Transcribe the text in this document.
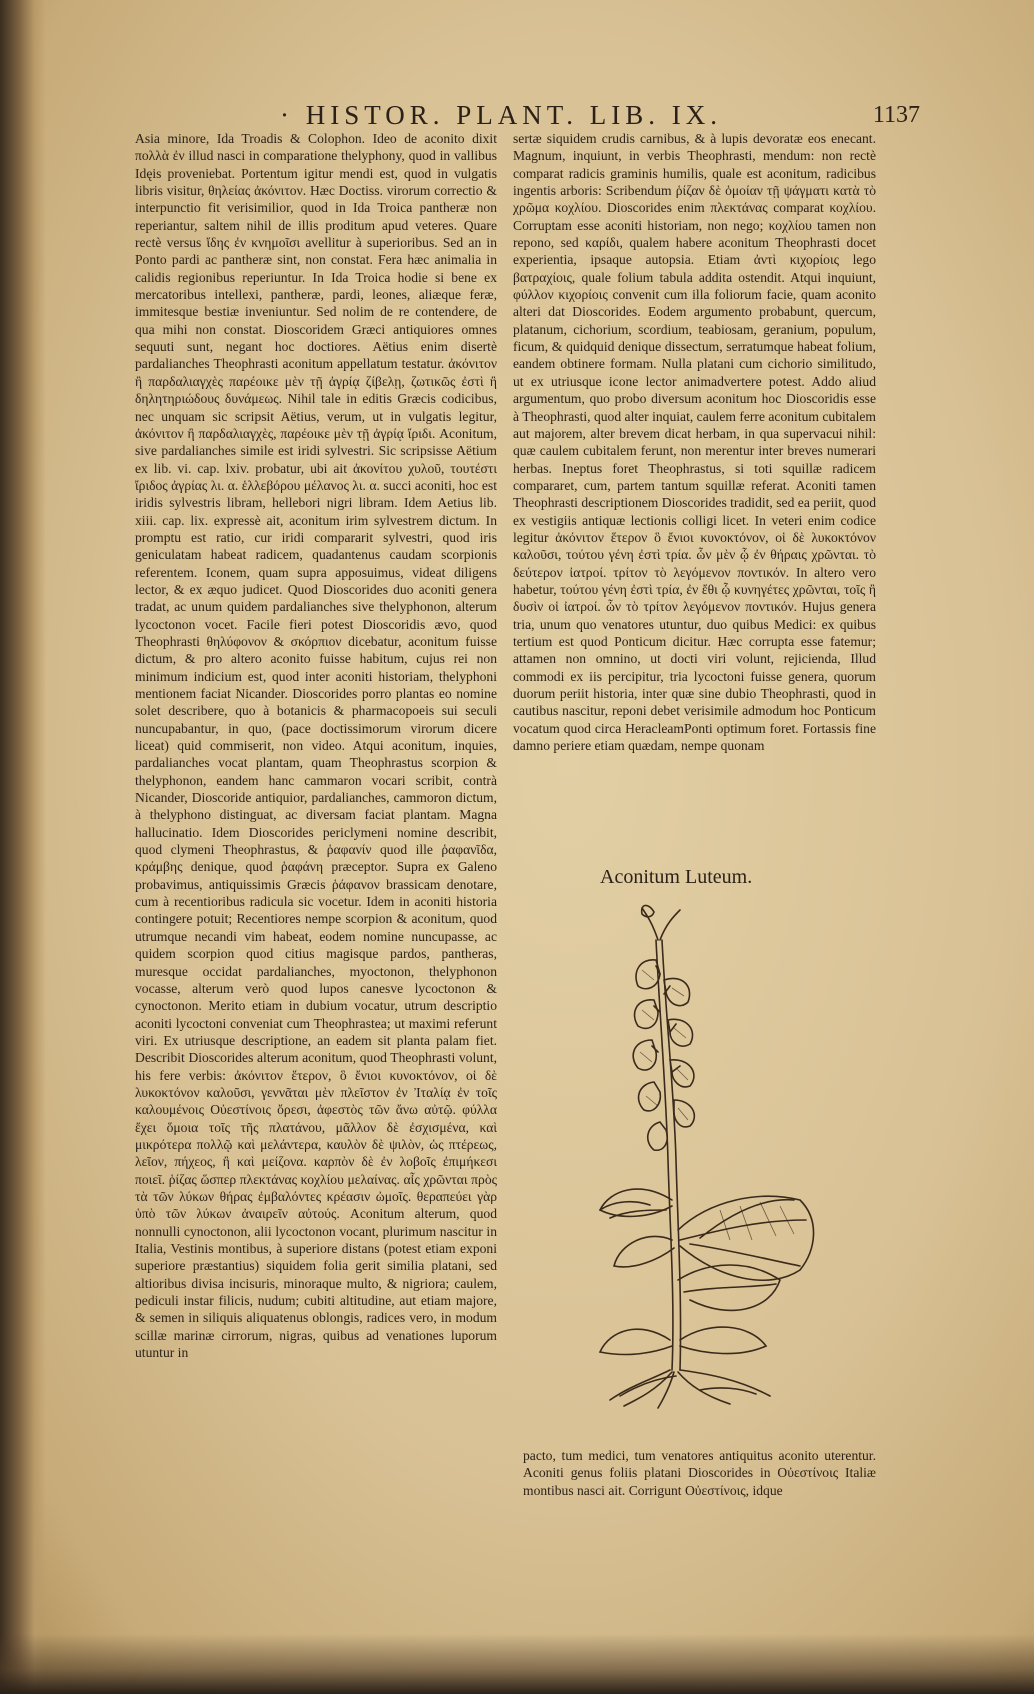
· HISTOR. PLANT. LIB. IX.	1137
Asia minore, Ida Troadis & Colophon. Ideo de aconito dixit πολλὰ ἐν illud nasci in comparatione thelyphony, quod in vallibus Idęis proveniebat. Portentum igitur mendi est, quod in vulgatis libris visitur, θηλείας ἀκόνιτον. Hæc Doctiss. virorum correctio & interpunctio fit verisimilior, quod in Ida Troica pantheræ non reperiantur, saltem nihil de illis proditum apud veteres. Quare rectè versus ἴδης ἐν κνημοῖσι avellitur à superioribus. Sed an in Ponto pardi ac pantheræ sint, non constat. Fera hæc animalia in calidis regionibus reperiuntur. In Ida Troica hodie si bene ex mercatoribus intellexi, pantheræ, pardi, leones, aliæque feræ, immitesque bestiæ inveniuntur. Sed nolim de re contendere, de qua mihi non constat. Dioscoridem Græci antiquiores omnes sequuti sunt, negant hoc doctiores. Aëtius enim disertè pardalianches Theophrasti aconitum appellatum testatur. ἀκόνιτον ἢ παρδαλιαγχὲς παρέοικε μὲν τῇ ἀγρίᾳ ζίβελῃ, ζωτικῶς ἐστὶ ἢ δηλητηριώδους δυνάμεως. Nihil tale in editis Græcis codicibus, nec unquam sic scripsit Aëtius, verum, ut in vulgatis legitur, ἀκόνιτον ἢ παρδαλιαγχὲς, παρέοικε μὲν τῇ ἀγρίᾳ ἴριδι. Aconitum, sive pardalianches simile est iridi sylvestri. Sic scripsisse Aëtium ex lib. vi. cap. lxiv. probatur, ubi ait ἀκονίτου χυλοῦ, τουτέστι ἴριδος ἀγρίας λι. α. ἑλλεβόρου μέλανος λι. α. succi aconiti, hoc est iridis sylvestris libram, hellebori nigri libram. Idem Aetius lib. xiii. cap. lix. expressè ait, aconitum irim sylvestrem dictum. In promptu est ratio, cur iridi compararit sylvestri, quod iris geniculatam habeat radicem, quadantenus caudam scorpionis referentem. Iconem, quam supra apposuimus, videat diligens lector, & ex æquo judicet. Quod Dioscorides duo aconiti genera tradat, ac unum quidem pardalianches sive thelyphonon, alterum lycoctonon vocet. Facile fieri potest Dioscoridis ævo, quod Theophrasti θηλύφονον & σκόρπιον dicebatur, aconitum fuisse dictum, & pro altero aconito fuisse habitum, cujus rei non minimum indicium est, quod inter aconiti historiam, thelyphoni mentionem faciat Nicander. Dioscorides porro plantas eo nomine solet describere, quo à botanicis & pharmacopoeis sui seculi nuncupabantur, in quo, (pace doctissimorum virorum dicere liceat) quid commiserit, non video. Atqui aconitum, inquies, pardalianches vocat plantam, quam Theophrastus scorpion & thelyphonon, eandem hanc cammaron vocari scribit, contrà Nicander, Dioscoride antiquior, pardalianches, cammoron dictum, à thelyphono distinguat, ac diversam faciat plantam. Magna hallucinatio. Idem Dioscorides periclymeni nomine describit, quod clymeni Theophrastus, & ῥαφανίν quod ille ῥαφανῖδα, κράμβης denique, quod ῥαφάνη præceptor. Supra ex Galeno probavimus, antiquissimis Græcis ῥάφανον brassicam denotare, cum à recentioribus radicula sic vocetur. Idem in aconiti historia contingere potuit; Recentiores nempe scorpion & aconitum, quod utrumque necandi vim habeat, eodem nomine nuncupasse, ac quidem scorpion quod citius magisque pardos, pantheras, muresque occidat pardalianches, myoctonon, thelyphonon vocasse, alterum verò quod lupos canesve lycoctonon & cynoctonon. Merito etiam in dubium vocatur, utrum descriptio aconiti lycoctoni conveniat cum Theophrastea; ut maximi referunt viri. Ex utriusque descriptione, an eadem sit planta palam fiet. Describit Dioscorides alterum aconitum, quod Theophrasti volunt, his fere verbis: ἀκόνιτον ἕτερον, ὃ ἔνιοι κυνοκτόνον, οἱ δὲ λυκοκτόνον καλοῦσι, γεννᾶται μὲν πλεῖστον ἐν Ἰταλίᾳ ἐν τοῖς καλουμένοις Οὐεστίνοις ὄρεσι, ἀφεστὸς τῶν ἄνω αὐτῷ. φύλλα ἔχει ὅμοια τοῖς τῆς πλατάνου, μᾶλλον δὲ ἐσχισμένα, καὶ μικρότερα πολλῷ καὶ μελάντερα, καυλὸν δὲ ψιλὸν, ὡς πτέρεως, λεῖον, πήχεος, ἢ καὶ μείζονα. καρπὸν δὲ ἐν λοβοῖς ἐπιμήκεσι ποιεῖ. ῥίζας ὥσπερ πλεκτάνας κοχλίου μελαίνας. αἷς χρῶνται πρὸς τὰ τῶν λύκων θήρας ἐμβαλόντες κρέασιν ὠμοῖς. θεραπεύει γὰρ ὑπὸ τῶν λύκων ἀναιρεῖν αὐτούς. Aconitum alterum, quod nonnulli cynoctonon, alii lycoctonon vocant, plurimum nascitur in Italia, Vestinis montibus, à superiore distans (potest etiam exponi superiore præstantius) siquidem folia gerit similia platani, sed altioribus divisa incisuris, minoraque multo, & nigriora; caulem, pediculi instar filicis, nudum; cubiti altitudine, aut etiam majore, & semen in siliquis aliquatenus oblongis, radices vero, in modum scillæ marinæ cirrorum, nigras, quibus ad venationes luporum utuntur in
sertæ siquidem crudis carnibus, & à lupis devoratæ eos enecant. Magnum, inquiunt, in verbis Theophrasti, mendum: non rectè comparat radicis graminis humilis, quale est aconitum, radicibus ingentis arboris: Scribendum ῥίζαν δὲ ὁμοίαν τῇ ψάγματι κατὰ τὸ χρῶμα κοχλίου. Dioscorides enim πλεκτάνας comparat κοχλίου. Corruptam esse aconiti historiam, non nego; κοχλίου tamen non repono, sed καρίδι, qualem habere aconitum Theophrasti docet experientia, ipsaque autopsia. Etiam ἀντὶ κιχορίοις lego βατραχίοις, quale folium tabula addita ostendit. Atqui inquiunt, φύλλον κιχορίοις convenit cum illa foliorum facie, quam aconito alteri dat Dioscorides. Eodem argumento probabunt, quercum, platanum, cichorium, scordium, teabiosam, geranium, populum, ficum, & quidquid denique dissectum, serratumque habeat folium, eandem obtinere formam. Nulla platani cum cichorio similitudo, ut ex utriusque icone lector animadvertere potest. Addo aliud argumentum, quo probo diversum aconitum hoc Dioscoridis esse à Theophrasti, quod alter inquiat, caulem ferre aconitum cubitalem aut majorem, alter brevem dicat herbam, in qua supervacui nihil: quæ caulem cubitalem ferunt, non merentur inter breves numerari herbas. Ineptus foret Theophrastus, si toti squillæ radicem compararet, cum, partem tantum squillæ referat. Aconiti tamen Theophrasti descriptionem Dioscorides tradidit, sed ea periit, quod ex vestigiis antiquæ lectionis colligi licet. In veteri enim codice legitur ἀκόνιτον ἕτερον ὃ ἔνιοι κυνοκτόνον, οἱ δὲ λυκοκτόνον καλοῦσι, τούτου γένη ἐστὶ τρία. ὧν μὲν ᾧ ἐν θήραις χρῶνται. τὸ δεύτερον ἰατροί. τρίτον τὸ λεγόμενον ποντικόν. In altero vero habetur, τούτου γένη ἐστὶ τρία, ἐν ἔθι ᾧ κυνηγέτες χρῶνται, τοῖς ἢ δυσὶν οἱ ἰατροί. ὧν τὸ τρίτον λεγόμενον ποντικόν. Hujus genera tria, unum quo venatores utuntur, duo quibus Medici: ex quibus tertium est quod Ponticum dicitur. Hæc corrupta esse fatemur; attamen non omnino, ut docti viri volunt, rejicienda, Illud commodi ex iis percipitur, tria lycoctoni fuisse genera, quorum duorum periit historia, inter quæ sine dubio Theophrasti, quod in cautibus nascitur, reponi debet verisimile admodum hoc Ponticum vocatum quod circa HeracleamPonti optimum foret. Fortassis fine damno periere etiam quædam, nempe quonam
Aconitum Luteum.
pacto, tum medici, tum venatores antiquitus aconito uterentur. Aconiti genus foliis platani Dioscorides in Οὐεστίνοις Italiæ montibus nasci ait. Corrigunt Οὐεστίνοις, idque
